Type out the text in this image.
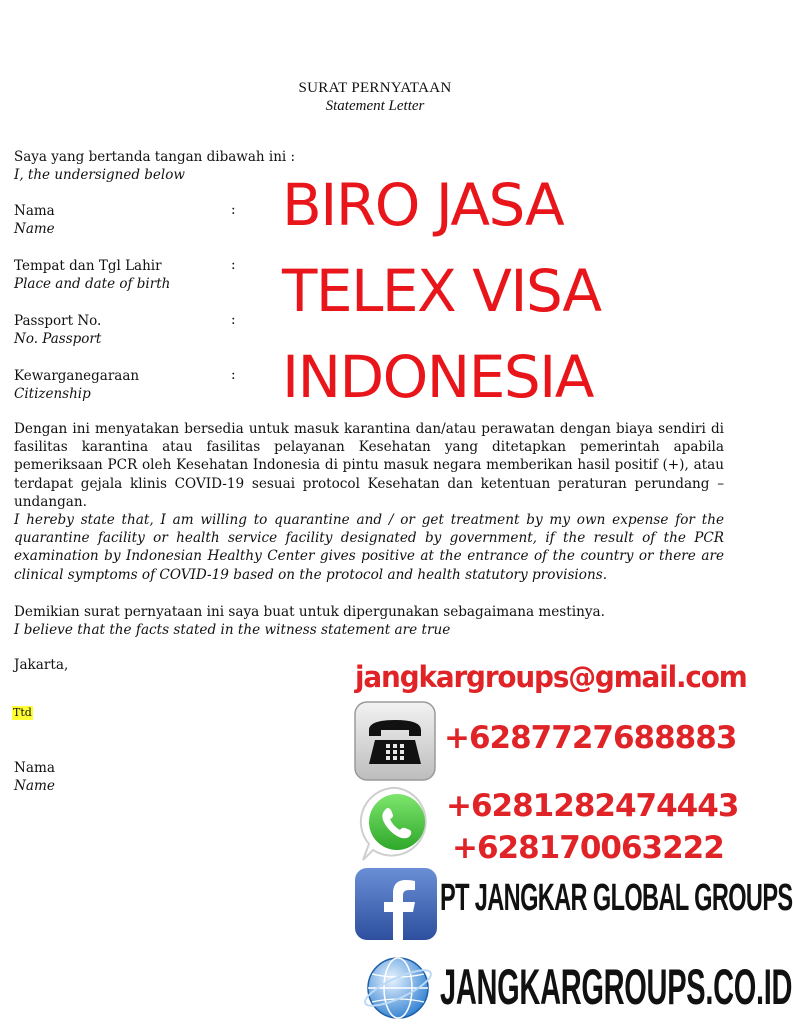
SURAT PERNYATAAN
Statement Letter
Saya yang bertanda tangan dibawah ini :
I, the undersigned below
Nama
Name
:
Tempat dan Tgl Lahir
Place and date of birth
:
Passport No.
No. Passport
:
Kewarganegaraan
Citizenship
:
BIRO JASA
TELEX VISA
INDONESIA
Dengan ini menyatakan bersedia untuk masuk karantina dan/atau perawatan dengan biaya sendiri di fasilitas karantina atau fasilitas pelayanan Kesehatan yang ditetapkan pemerintah apabila pemeriksaan PCR oleh Kesehatan Indonesia di pintu masuk negara memberikan hasil positif (+), atau terdapat gejala klinis COVID-19 sesuai protocol Kesehatan dan ketentuan peraturan perundang – undangan.
I hereby state that, I am willing to quarantine and / or get treatment by my own expense for the quarantine facility or health service facility designated by government, if the result of the PCR examination by Indonesian Healthy Center gives positive at the entrance of the country or there are clinical symptoms of COVID-19 based on the protocol and health statutory provisions.
Demikian surat pernyataan ini saya buat untuk dipergunakan sebagaimana mestinya.
I believe that the facts stated in the witness statement are true
Jakarta,
Ttd
Nama
Name
jangkargroups@gmail.com
+6287727688883
+6281282474443
+628170063222
PT JANGKAR GLOBAL GROUPS
JANGKARGROUPS.CO.ID
